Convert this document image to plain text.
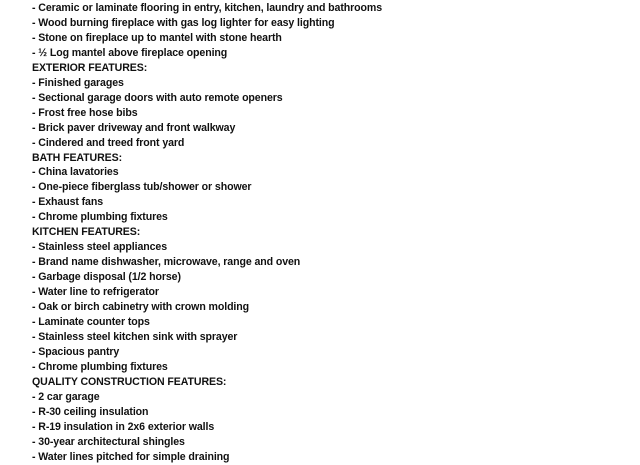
- Ceramic or laminate flooring in entry, kitchen, laundry and bathrooms
- Wood burning fireplace with gas log lighter for easy lighting
- Stone on fireplace up to mantel with stone hearth
- ½ Log mantel above fireplace opening
EXTERIOR FEATURES:
- Finished garages
- Sectional garage doors with auto remote openers
- Frost free hose bibs
- Brick paver driveway and front walkway
- Cindered and treed front yard
BATH FEATURES:
- China lavatories
- One-piece fiberglass tub/shower or shower
- Exhaust fans
- Chrome plumbing fixtures
KITCHEN FEATURES:
- Stainless steel appliances
- Brand name dishwasher, microwave, range and oven
- Garbage disposal (1/2 horse)
- Water line to refrigerator
- Oak or birch cabinetry with crown molding
- Laminate counter tops
- Stainless steel kitchen sink with sprayer
- Spacious pantry
- Chrome plumbing fixtures
QUALITY CONSTRUCTION FEATURES:
- 2 car garage
- R-30 ceiling insulation
- R-19 insulation in 2x6 exterior walls
- 30-year architectural shingles
- Water lines pitched for simple draining
